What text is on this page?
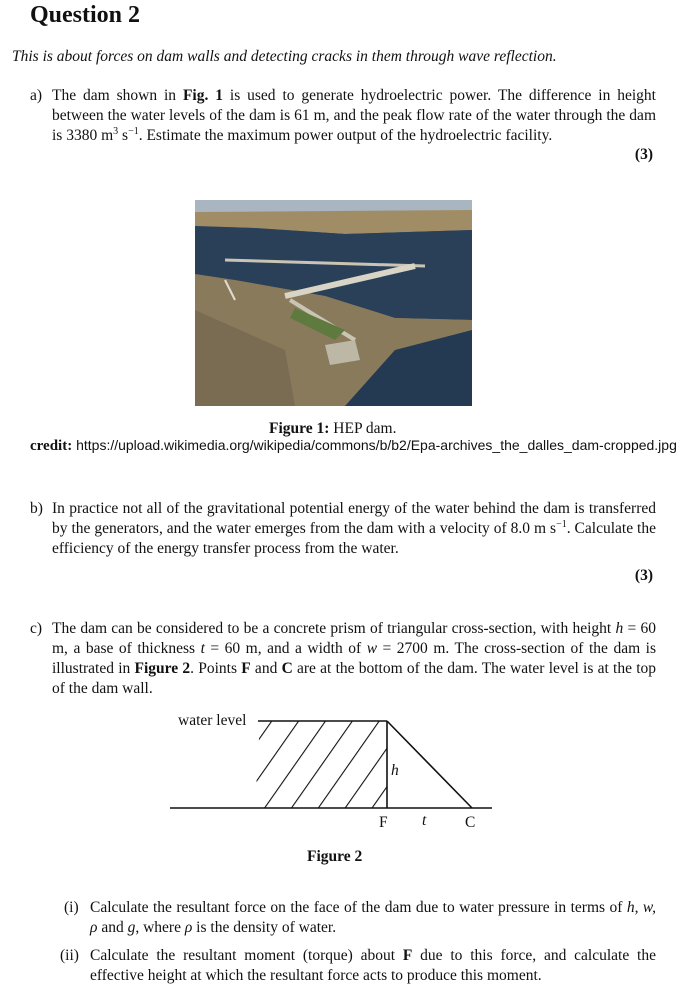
Question 2
This is about forces on dam walls and detecting cracks in them through wave reflection.
a) The dam shown in Fig. 1 is used to generate hydroelectric power. The difference in height between the water levels of the dam is 61 m, and the peak flow rate of the water through the dam is 3380 $m^3$ $s^{-1}$. Estimate the maximum power output of the hydroelectric facility.
(3)
Figure 1: HEP dam.
credit: https://upload.wikimedia.org/wikipedia/commons/b/b2/Epa-archives_the_dalles_dam-cropped.jpg
b) In practice not all of the gravitational potential energy of the water behind the dam is transferred by the generators, and the water emerges from the dam with a velocity of 8.0 m $s^{-1}$. Calculate the efficiency of the energy transfer process from the water.
(3)
c) The dam can be considered to be a concrete prism of triangular cross-section, with height h = 60 m, a base of thickness t = 60 m, and a width of w = 2700 m. The cross-section of the dam is illustrated in Figure 2. Points F and C are at the bottom of the dam. The water level is at the top of the dam wall.
water level
h
F t C
Figure 2
(i) Calculate the resultant force on the face of the dam due to water pressure in terms of h, w, ρ and g, where ρ is the density of water.
(ii) Calculate the resultant moment (torque) about F due to this force, and calculate the effective height at which the resultant force acts to produce this moment.
